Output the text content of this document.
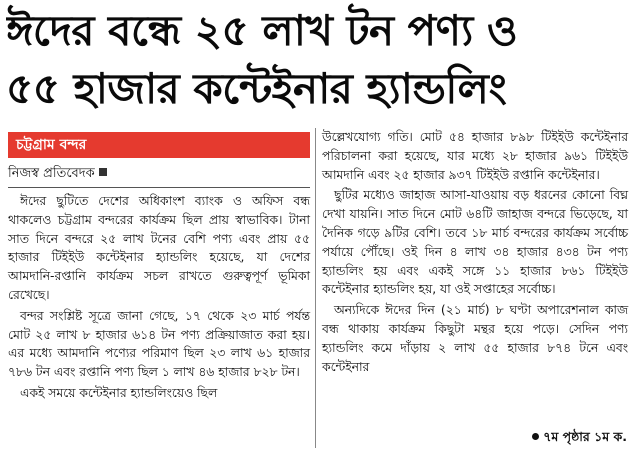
ঈদের বন্ধে ২৫ লাখ টন পণ্য ও
৫৫ হাজার কন্টেইনার হ্যান্ডলিং
চট্টগ্রাম বন্দর
নিজস্ব প্রতিবেদক

ঈদের ছুটিতে দেশের অধিকাংশ ব্যাংক ও অফিস বন্ধ থাকলেও চট্টগ্রাম বন্দরের কার্যক্রম ছিল প্রায় স্বাভাবিক। টানা সাত দিনে বন্দরে ২৫ লাখ টনের বেশি পণ্য এবং প্রায় ৫৫ হাজার টিইইউ কন্টেইনার হ্যান্ডলিং হয়েছে, যা দেশের আমদানি-রপ্তানি কার্যক্রম সচল রাখতে গুরুত্বপূর্ণ ভূমিকা রেখেছে।

বন্দর সংশ্লিষ্ট সূত্রে জানা গেছে, ১৭ থেকে ২৩ মার্চ পর্যন্ত মোট ২৫ লাখ ৮ হাজার ৬১৪ টন পণ্য প্রক্রিয়াজাত করা হয়। এর মধ্যে আমদানি পণ্যের পরিমাণ ছিল ২৩ লাখ ৬১ হাজার ৭৮৬ টন এবং রপ্তানি পণ্য ছিল ১ লাখ ৪৬ হাজার ৮২৮ টন।

একই সময়ে কন্টেইনার হ্যান্ডলিংয়েও ছিল

উল্লেখযোগ্য গতি। মোট ৫৪ হাজার ৮৯৮ টিইইউ কন্টেইনার পরিচালনা করা হয়েছে, যার মধ্যে ২৮ হাজার ৯৬১ টিইইউ আমদানি এবং ২৫ হাজার ৯৩৭ টিইইউ রপ্তানি কন্টেইনার।

ছুটির মধ্যেও জাহাজ আসা-যাওয়ায় বড় ধরনের কোনো বিঘ্ন দেখা যায়নি। সাত দিনে মোট ৬৪টি জাহাজ বন্দরে ভিড়েছে, যা দৈনিক গড়ে ৯টির বেশি। তবে ১৮ মার্চ বন্দরের কার্যক্রম সর্বোচ্চ পর্যায়ে পৌঁছে। ওই দিন ৪ লাখ ৩৪ হাজার ৪৩৪ টন পণ্য হ্যান্ডলিং হয় এবং একই সঙ্গে ১১ হাজার ৮৬১ টিইইউ কন্টেইনার হ্যান্ডলিং হয়, যা ওই সপ্তাহের সর্বোচ্চ।

অন্যদিকে ঈদের দিন (২১ মার্চ) ৮ ঘণ্টা অপারেশনাল কাজ বন্ধ থাকায় কার্যক্রম কিছুটা মন্থর হয়ে পড়ে। সেদিন পণ্য হ্যান্ডলিং কমে দাঁড়ায় ২ লাখ ৫৫ হাজার ৮৭৪ টনে এবং কন্টেইনার

৭ম পৃষ্ঠার ১ম ক.
